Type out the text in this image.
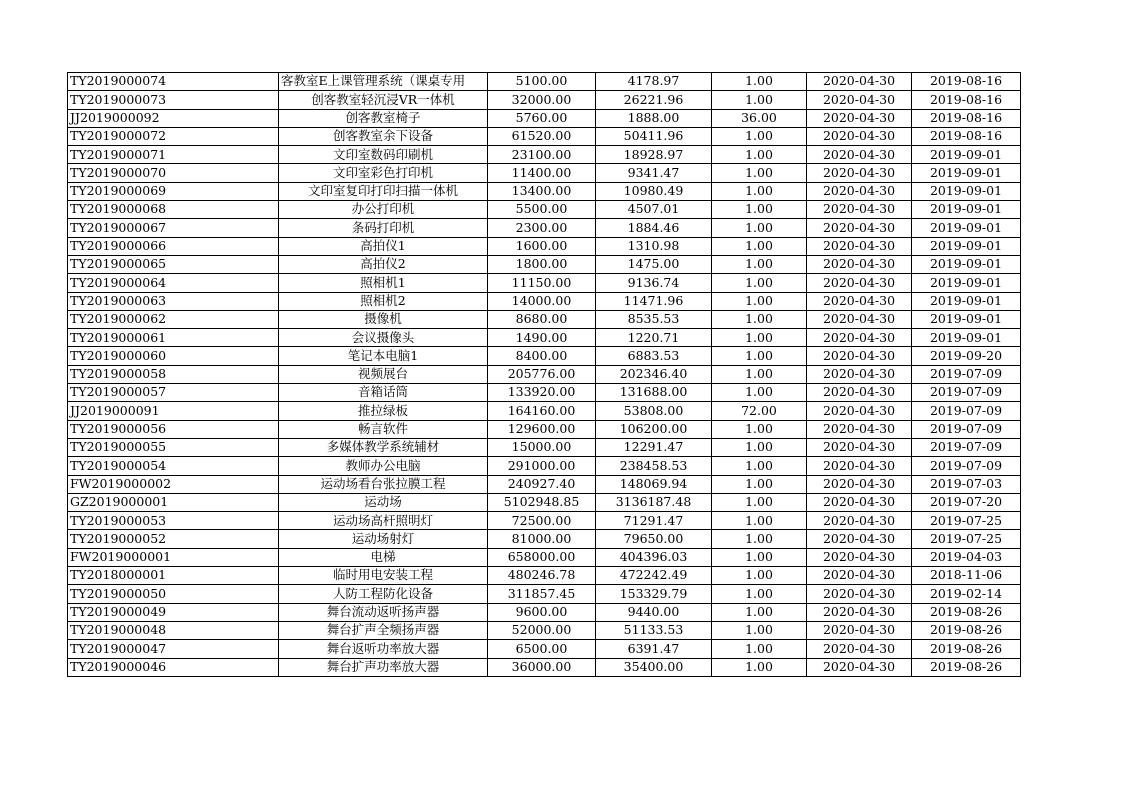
TY2019000074	客教室E上课管理系统（课桌专用	5100.00	4178.97	1.00	2020-04-30	2019-08-16
TY2019000073	创客教室轻沉浸VR一体机	32000.00	26221.96	1.00	2020-04-30	2019-08-16
JJ2019000092	创客教室椅子	5760.00	1888.00	36.00	2020-04-30	2019-08-16
TY2019000072	创客教室余下设备	61520.00	50411.96	1.00	2020-04-30	2019-08-16
TY2019000071	文印室数码印刷机	23100.00	18928.97	1.00	2020-04-30	2019-09-01
TY2019000070	文印室彩色打印机	11400.00	9341.47	1.00	2020-04-30	2019-09-01
TY2019000069	文印室复印打印扫描一体机	13400.00	10980.49	1.00	2020-04-30	2019-09-01
TY2019000068	办公打印机	5500.00	4507.01	1.00	2020-04-30	2019-09-01
TY2019000067	条码打印机	2300.00	1884.46	1.00	2020-04-30	2019-09-01
TY2019000066	高拍仪1	1600.00	1310.98	1.00	2020-04-30	2019-09-01
TY2019000065	高拍仪2	1800.00	1475.00	1.00	2020-04-30	2019-09-01
TY2019000064	照相机1	11150.00	9136.74	1.00	2020-04-30	2019-09-01
TY2019000063	照相机2	14000.00	11471.96	1.00	2020-04-30	2019-09-01
TY2019000062	摄像机	8680.00	8535.53	1.00	2020-04-30	2019-09-01
TY2019000061	会议摄像头	1490.00	1220.71	1.00	2020-04-30	2019-09-01
TY2019000060	笔记本电脑1	8400.00	6883.53	1.00	2020-04-30	2019-09-20
TY2019000058	视频展台	205776.00	202346.40	1.00	2020-04-30	2019-07-09
TY2019000057	音箱话筒	133920.00	131688.00	1.00	2020-04-30	2019-07-09
JJ2019000091	推拉绿板	164160.00	53808.00	72.00	2020-04-30	2019-07-09
TY2019000056	畅言软件	129600.00	106200.00	1.00	2020-04-30	2019-07-09
TY2019000055	多媒体教学系统辅材	15000.00	12291.47	1.00	2020-04-30	2019-07-09
TY2019000054	教师办公电脑	291000.00	238458.53	1.00	2020-04-30	2019-07-09
FW2019000002	运动场看台张拉膜工程	240927.40	148069.94	1.00	2020-04-30	2019-07-03
GZ2019000001	运动场	5102948.85	3136187.48	1.00	2020-04-30	2019-07-20
TY2019000053	运动场高杆照明灯	72500.00	71291.47	1.00	2020-04-30	2019-07-25
TY2019000052	运动场射灯	81000.00	79650.00	1.00	2020-04-30	2019-07-25
FW2019000001	电梯	658000.00	404396.03	1.00	2020-04-30	2019-04-03
TY2018000001	临时用电安装工程	480246.78	472242.49	1.00	2020-04-30	2018-11-06
TY2019000050	人防工程防化设备	311857.45	153329.79	1.00	2020-04-30	2019-02-14
TY2019000049	舞台流动返听扬声器	9600.00	9440.00	1.00	2020-04-30	2019-08-26
TY2019000048	舞台扩声全频扬声器	52000.00	51133.53	1.00	2020-04-30	2019-08-26
TY2019000047	舞台返听功率放大器	6500.00	6391.47	1.00	2020-04-30	2019-08-26
TY2019000046	舞台扩声功率放大器	36000.00	35400.00	1.00	2020-04-30	2019-08-26
